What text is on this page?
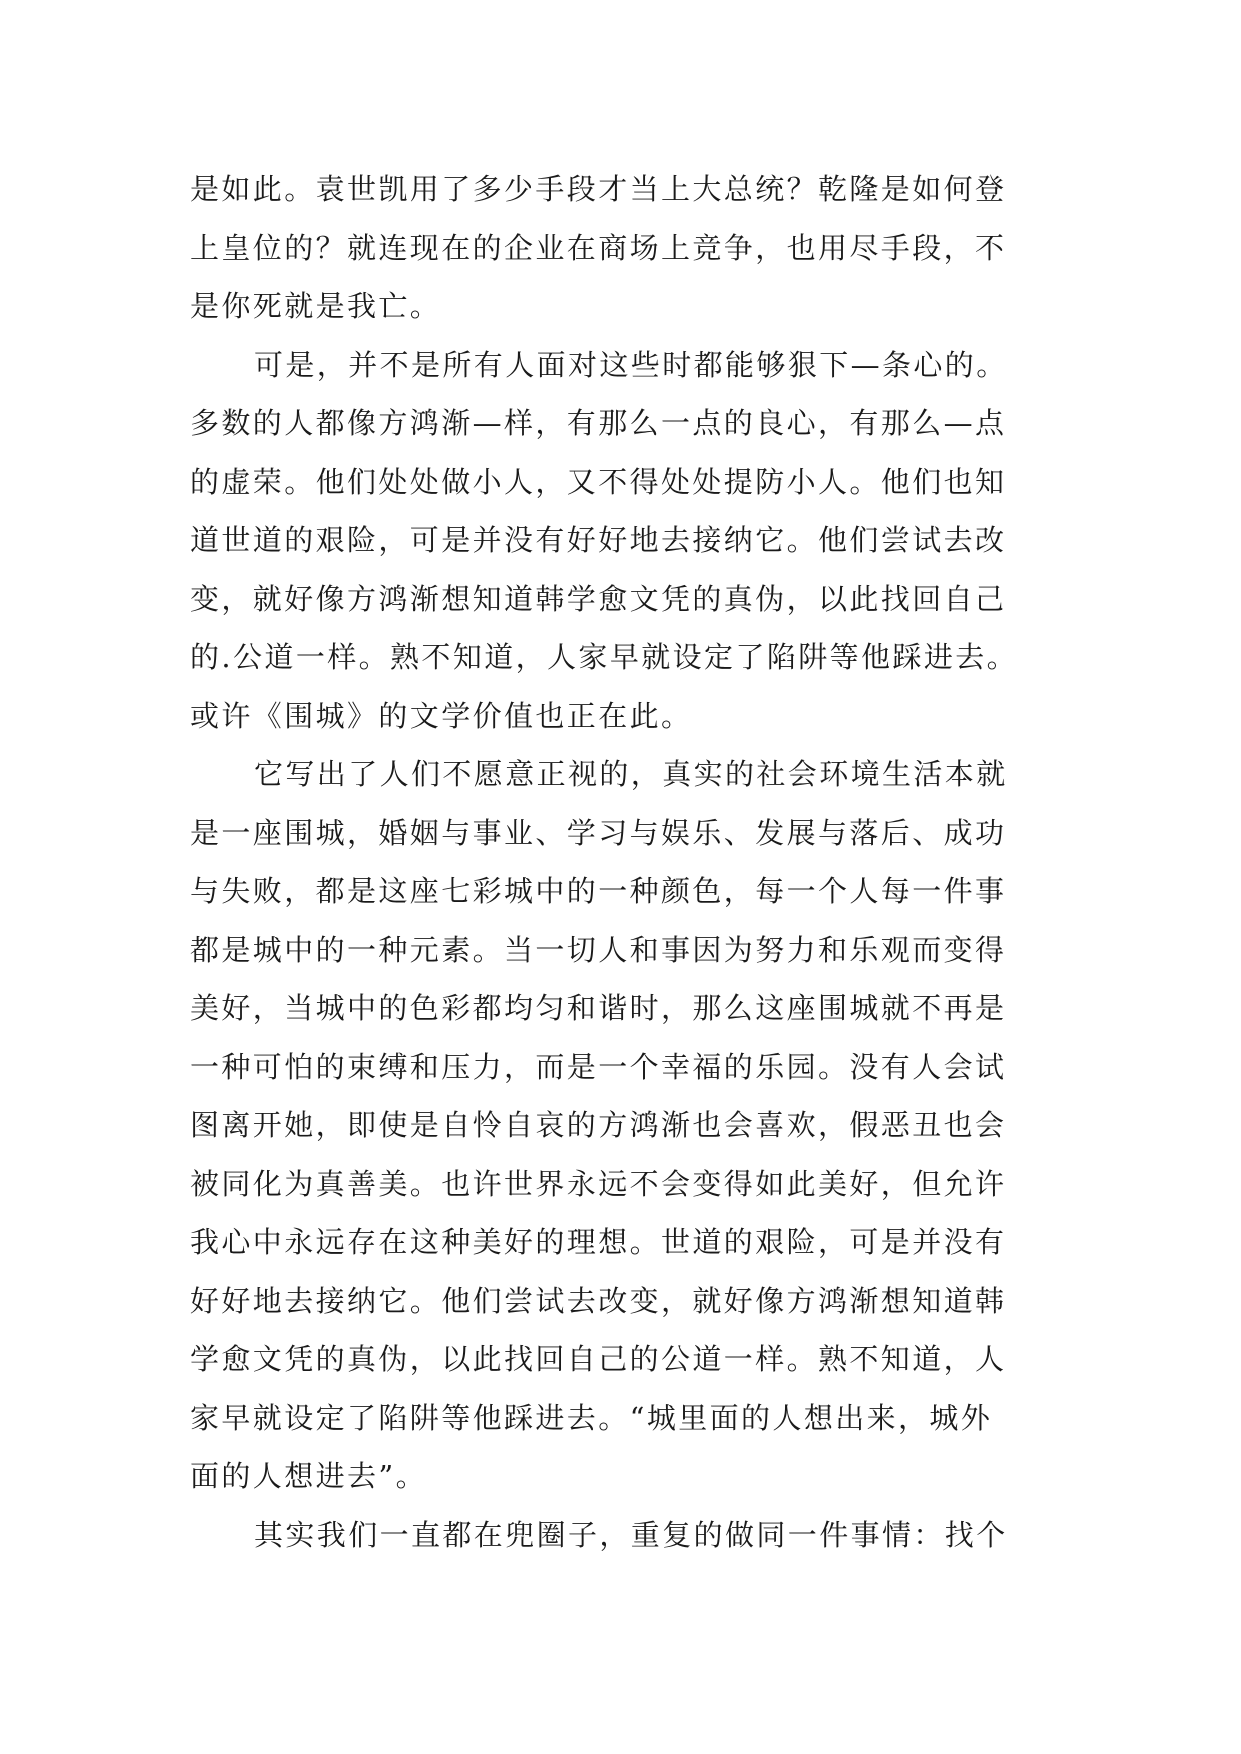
是如此。袁世凯用了多少手段才当上大总统？乾隆是如何登
上皇位的？就连现在的企业在商场上竞争，也用尽手段，不
是你死就是我亡。
可是，并不是所有人面对这些时都能够狠下—条心的。
多数的人都像方鸿渐—样，有那么一点的良心，有那么—点
的虚荣。他们处处做小人，又不得处处提防小人。他们也知
道世道的艰险，可是并没有好好地去接纳它。他们尝试去改
变，就好像方鸿渐想知道韩学愈文凭的真伪，以此找回自己
的.公道一样。熟不知道，人家早就设定了陷阱等他踩进去。
或许《围城》的文学价值也正在此。
它写出了人们不愿意正视的，真实的社会环境生活本就
是一座围城，婚姻与事业、学习与娱乐、发展与落后、成功
与失败，都是这座七彩城中的一种颜色，每一个人每一件事
都是城中的一种元素。当一切人和事因为努力和乐观而变得
美好，当城中的色彩都均匀和谐时，那么这座围城就不再是
一种可怕的束缚和压力，而是一个幸福的乐园。没有人会试
图离开她，即使是自怜自哀的方鸿渐也会喜欢，假恶丑也会
被同化为真善美。也许世界永远不会变得如此美好，但允许
我心中永远存在这种美好的理想。世道的艰险，可是并没有
好好地去接纳它。他们尝试去改变，就好像方鸿渐想知道韩
学愈文凭的真伪，以此找回自己的公道一样。熟不知道，人
家早就设定了陷阱等他踩进去。“城里面的人想出来，城外
面的人想进去”。
其实我们一直都在兜圈子，重复的做同一件事情：找个
